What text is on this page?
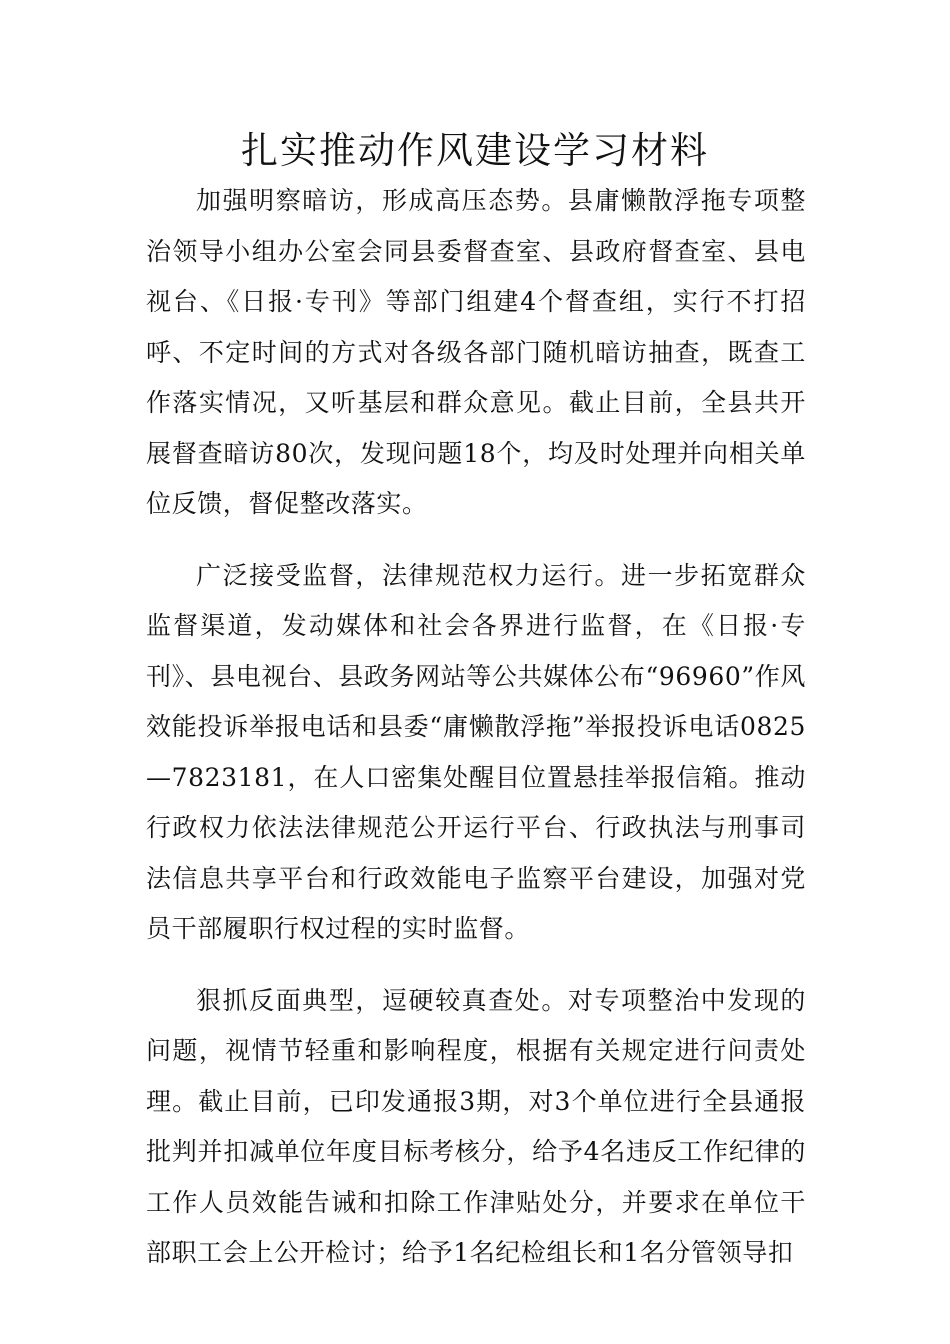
扎实推动作风建设学习材料

加强明察暗访，形成高压态势。县庸懒散浮拖专项整治领导小组办公室会同县委督查室、县政府督查室、县电视台、《日报·专刊》等部门组建4个督查组，实行不打招呼、不定时间的方式对各级各部门随机暗访抽查，既查工作落实情况，又听基层和群众意见。截止目前，全县共开展督查暗访80次，发现问题18个，均及时处理并向相关单位反馈，督促整改落实。

广泛接受监督，法律规范权力运行。进一步拓宽群众监督渠道，发动媒体和社会各界进行监督，在《日报·专刊》、县电视台、县政务网站等公共媒体公布“96960”作风效能投诉举报电话和县委“庸懒散浮拖”举报投诉电话0825—7823181，在人口密集处醒目位置悬挂举报信箱。推动行政权力依法法律规范公开运行平台、行政执法与刑事司法信息共享平台和行政效能电子监察平台建设，加强对党员干部履职行权过程的实时监督。

狠抓反面典型，逗硬较真查处。对专项整治中发现的问题，视情节轻重和影响程度，根据有关规定进行问责处理。截止目前，已印发通报3期，对3个单位进行全县通报批判并扣减单位年度目标考核分，给予4名违反工作纪律的工作人员效能告诫和扣除工作津贴处分，并要求在单位干部职工会上公开检讨；给予1名纪检组长和1名分管领导扣
